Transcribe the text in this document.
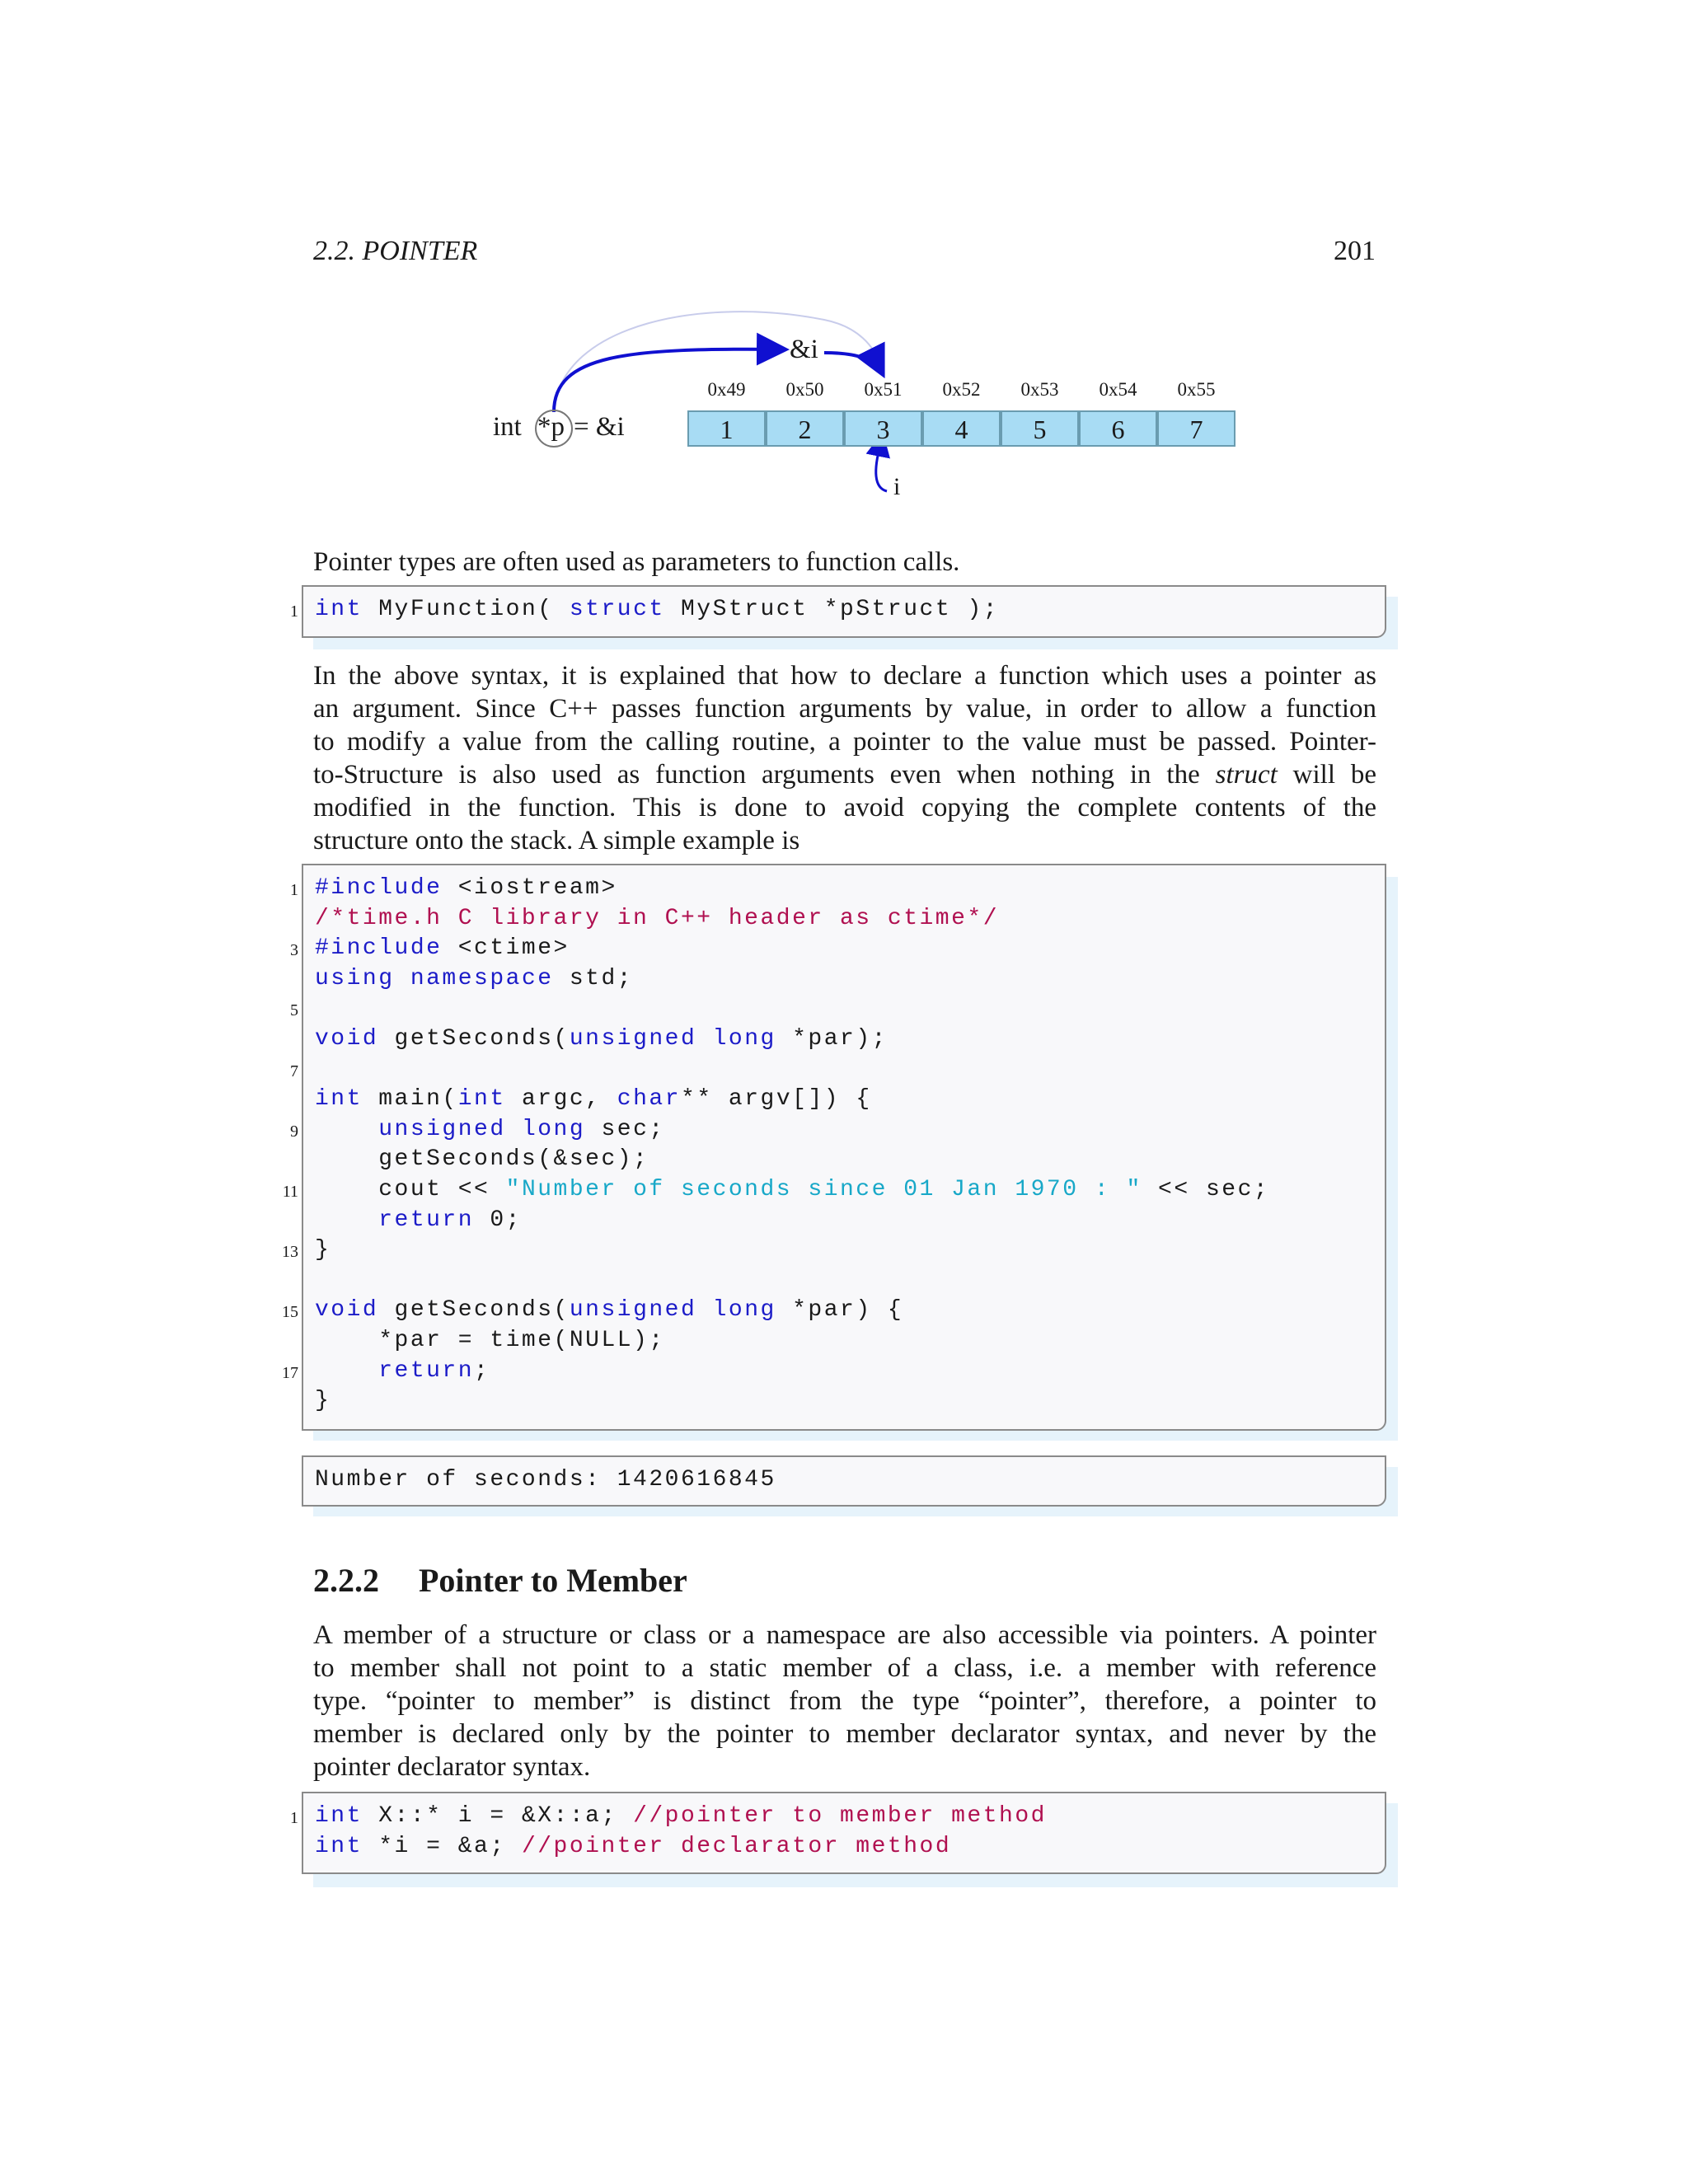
2.2. POINTER	201
int *p = &i
&i
i
0x49	0x50	0x51	0x52	0x53	0x54	0x55
1	2	3	4	5	6	7
Pointer types are often used as parameters to function calls.
1 int MyFunction( struct MyStruct *pStruct );
In the above syntax, it is explained that how to declare a function which uses a pointer as
an argument. Since C++ passes function arguments by value, in order to allow a function
to modify a value from the calling routine, a pointer to the value must be passed. Pointer-
to-Structure is also used as function arguments even when nothing in the struct will be
modified in the function. This is done to avoid copying the complete contents of the
structure onto the stack. A simple example is
1
3
5
7
9
11
13
15
17
#include <iostream>
/*time.h C library in C++ header as ctime*/
#include <ctime>
using namespace std;
void getSeconds(unsigned long *par);
int main(int argc, char** argv[]) {
unsigned long sec;
getSeconds(&sec);
cout << "Number of seconds since 01 Jan 1970 : " << sec;
return 0;
}
void getSeconds(unsigned long *par) {
*par = time(NULL);
return;
}
Number of seconds: 1420616845
2.2.2 Pointer to Member
A member of a structure or class or a namespace are also accessible via pointers. A pointer
to member shall not point to a static member of a class, i.e. a member with reference
type. “pointer to member” is distinct from the type “pointer”, therefore, a pointer to
member is declared only by the pointer to member declarator syntax, and never by the
pointer declarator syntax.
1 int X::* i = &X::a; //pointer to member method
int *i = &a; //pointer declarator method
